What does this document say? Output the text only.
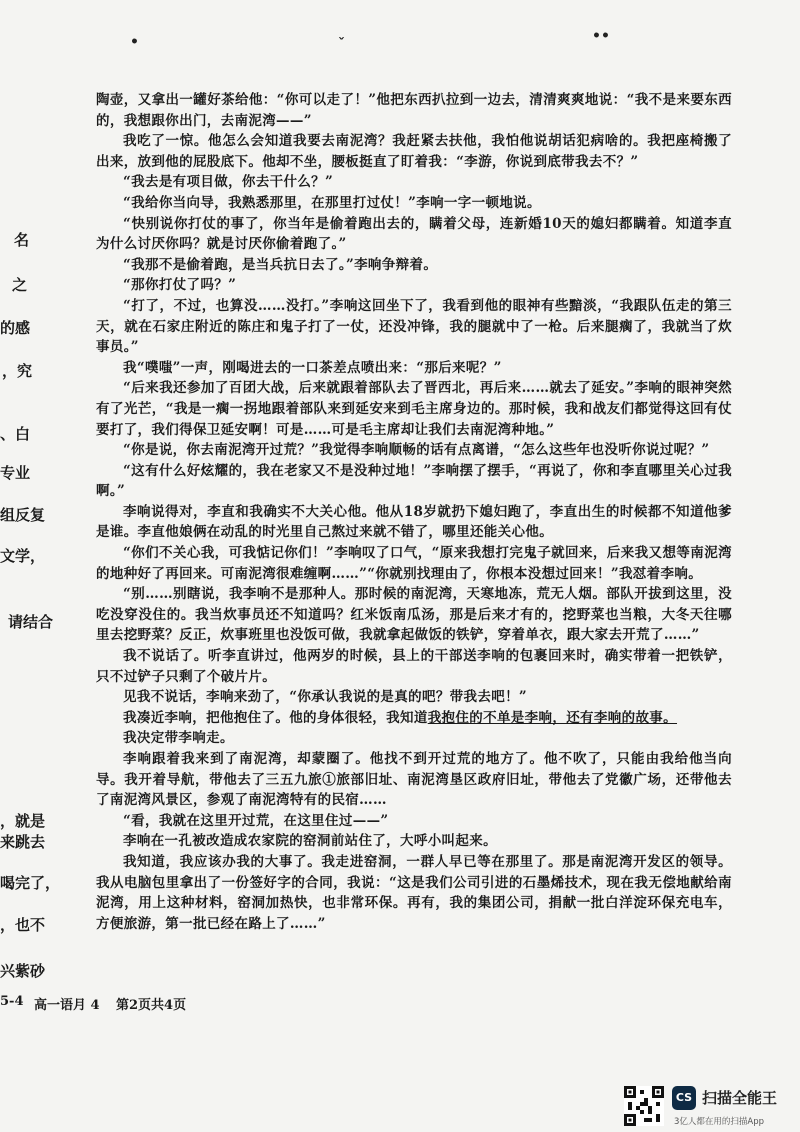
•	ˇ	••
名
之
的感
，究
、白
专业
组反复
文学，
请结合
，就是
来跳去
喝完了，
，也不
兴紫砂

陶壶，又拿出一罐好茶给他：“你可以走了！”他把东西扒拉到一边去，清清爽爽地说：“我不是来要东西的，我想跟你出门，去南泥湾——”

我吃了一惊。他怎么会知道我要去南泥湾？我赶紧去扶他，我怕他说胡话犯病啥的。我把座椅搬了出来，放到他的屁股底下。他却不坐，腰板挺直了盯着我：“李游，你说到底带我去不？”

“我去是有项目做，你去干什么？”

“我给你当向导，我熟悉那里，在那里打过仗！”李响一字一顿地说。

“快别说你打仗的事了，你当年是偷着跑出去的，瞒着父母，连新婚10天的媳妇都瞒着。知道李直为什么讨厌你吗？就是讨厌你偷着跑了。”

“我那不是偷着跑，是当兵抗日去了。”李响争辩着。

“那你打仗了吗？”

“打了，不过，也算没……没打。”李响这回坐下了，我看到他的眼神有些黯淡，“我跟队伍走的第三天，就在石家庄附近的陈庄和鬼子打了一仗，还没冲锋，我的腿就中了一枪。后来腿瘸了，我就当了炊事员。”

我“噗嗤”一声，刚喝进去的一口茶差点喷出来：“那后来呢？”

“后来我还参加了百团大战，后来就跟着部队去了晋西北，再后来……就去了延安。”李响的眼神突然有了光芒，“我是一瘸一拐地跟着部队来到延安来到毛主席身边的。那时候，我和战友们都觉得这回有仗要打了，我们得保卫延安啊！可是……可是毛主席却让我们去南泥湾种地。”

“你是说，你去南泥湾开过荒？”我觉得李响顺畅的话有点离谱，“怎么这些年也没听你说过呢？”

“这有什么好炫耀的，我在老家又不是没种过地！”李响摆了摆手，“再说了，你和李直哪里关心过我啊。”

李响说得对，李直和我确实不大关心他。他从18岁就扔下媳妇跑了，李直出生的时候都不知道他爹是谁。李直他娘俩在动乱的时光里自己熬过来就不错了，哪里还能关心他。

“你们不关心我，可我惦记你们！”李响叹了口气，“原来我想打完鬼子就回来，后来我又想等南泥湾的地种好了再回来。可南泥湾很难缠啊……”“你就别找理由了，你根本没想过回来！”我怼着李响。

“别……别瞎说，我李响不是那种人。那时候的南泥湾，天寒地冻，荒无人烟。部队开拔到这里，没吃没穿没住的。我当炊事员还不知道吗？红米饭南瓜汤，那是后来才有的，挖野菜也当粮，大冬天往哪里去挖野菜？反正，炊事班里也没饭可做，我就拿起做饭的铁铲，穿着单衣，跟大家去开荒了……”

我不说话了。听李直讲过，他两岁的时候，县上的干部送李响的包裹回来时，确实带着一把铁铲，只不过铲子只剩了个破片片。

见我不说话，李响来劲了，“你承认我说的是真的吧？带我去吧！”

我凑近李响，把他抱住了。他的身体很轻，我知道我抱住的不单是李响，还有李响的故事。

我决定带李响走。

李响跟着我来到了南泥湾，却蒙圈了。他找不到开过荒的地方了。他不吹了，只能由我给他当向导。我开着导航，带他去了三五九旅①旅部旧址、南泥湾垦区政府旧址，带他去了党徽广场，还带他去了南泥湾风景区，参观了南泥湾特有的民宿……

“看，我就在这里开过荒，在这里住过——”

李响在一孔被改造成农家院的窑洞前站住了，大呼小叫起来。

我知道，我应该办我的大事了。我走进窑洞，一群人早已等在那里了。那是南泥湾开发区的领导。我从电脑包里拿出了一份签好字的合同，我说：“这是我们公司引进的石墨烯技术，现在我无偿地献给南泥湾，用上这种材料，窑洞加热快，也非常环保。再有，我的集团公司，捐献一批白洋淀环保充电车，方便旅游，第一批已经在路上了……”

5-4 高一语月 4 第2页共4页
CS 扫描全能王
3亿人都在用的扫描App
